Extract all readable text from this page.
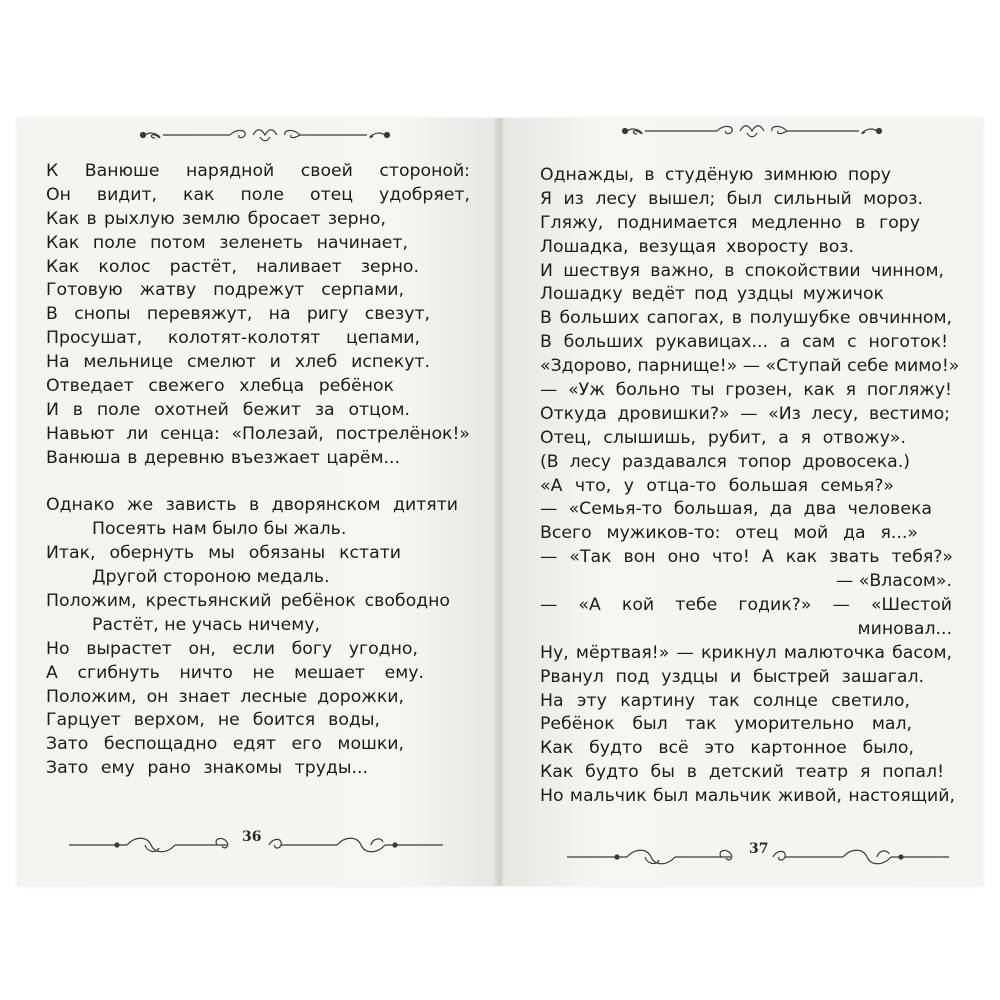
К Ванюше нарядной своей стороной:
Он видит, как поле отец удобряет,
Как в рыхлую землю бросает зерно,
Как поле потом зеленеть начинает,
Как колос растёт, наливает зерно.
Готовую жатву подрежут серпами,
В снопы перевяжут, на ригу свезут,
Просушат, колотят-колотят цепами,
На мельнице смелют и хлеб испекут.
Отведает свежего хлебца ребёнок
И в поле охотней бежит за отцом.
Навьют ли сенца: «Полезай, пострелёнок!»
Ванюша в деревню въезжает царём...
Однако же зависть в дворянском дитяти
Посеять нам было бы жаль.
Итак, обернуть мы обязаны кстати
Другой стороною медаль.
Положим, крестьянский ребёнок свободно
Растёт, не учась ничему,
Но вырастет он, если богу угодно,
А сгибнуть ничто не мешает ему.
Положим, он знает лесные дорожки,
Гарцует верхом, не боится воды,
Зато беспощадно едят его мошки,
Зато ему рано знакомы труды...
36
Однажды, в студёную зимнюю пору
Я из лесу вышел; был сильный мороз.
Гляжу, поднимается медленно в гору
Лошадка, везущая хворосту воз.
И шествуя важно, в спокойствии чинном,
Лошадку ведёт под уздцы мужичок
В больших сапогах, в полушубке овчинном,
В больших рукавицах... а сам с ноготок!
«Здорово, парнище!» — «Ступай себе мимо!»
— «Уж больно ты грозен, как я погляжу!
Откуда дровишки?» — «Из лесу, вестимо;
Отец, слышишь, рубит, а я отвожу».
(В лесу раздавался топор дровосека.)
«А что, у отца-то большая семья?»
— «Семья-то большая, да два человека
Всего мужиков-то: отец мой да я...»
— «Так вон оно что! А как звать тебя?»
— «Власом».
— «А кой тебе годик?» — «Шестой
миновал...
Ну, мёртвая!» — крикнул малюточка басом,
Рванул под уздцы и быстрей зашагал.
На эту картину так солнце светило,
Ребёнок был так уморительно мал,
Как будто всё это картонное было,
Как будто бы в детский театр я попал!
Но мальчик был мальчик живой, настоящий,
37
